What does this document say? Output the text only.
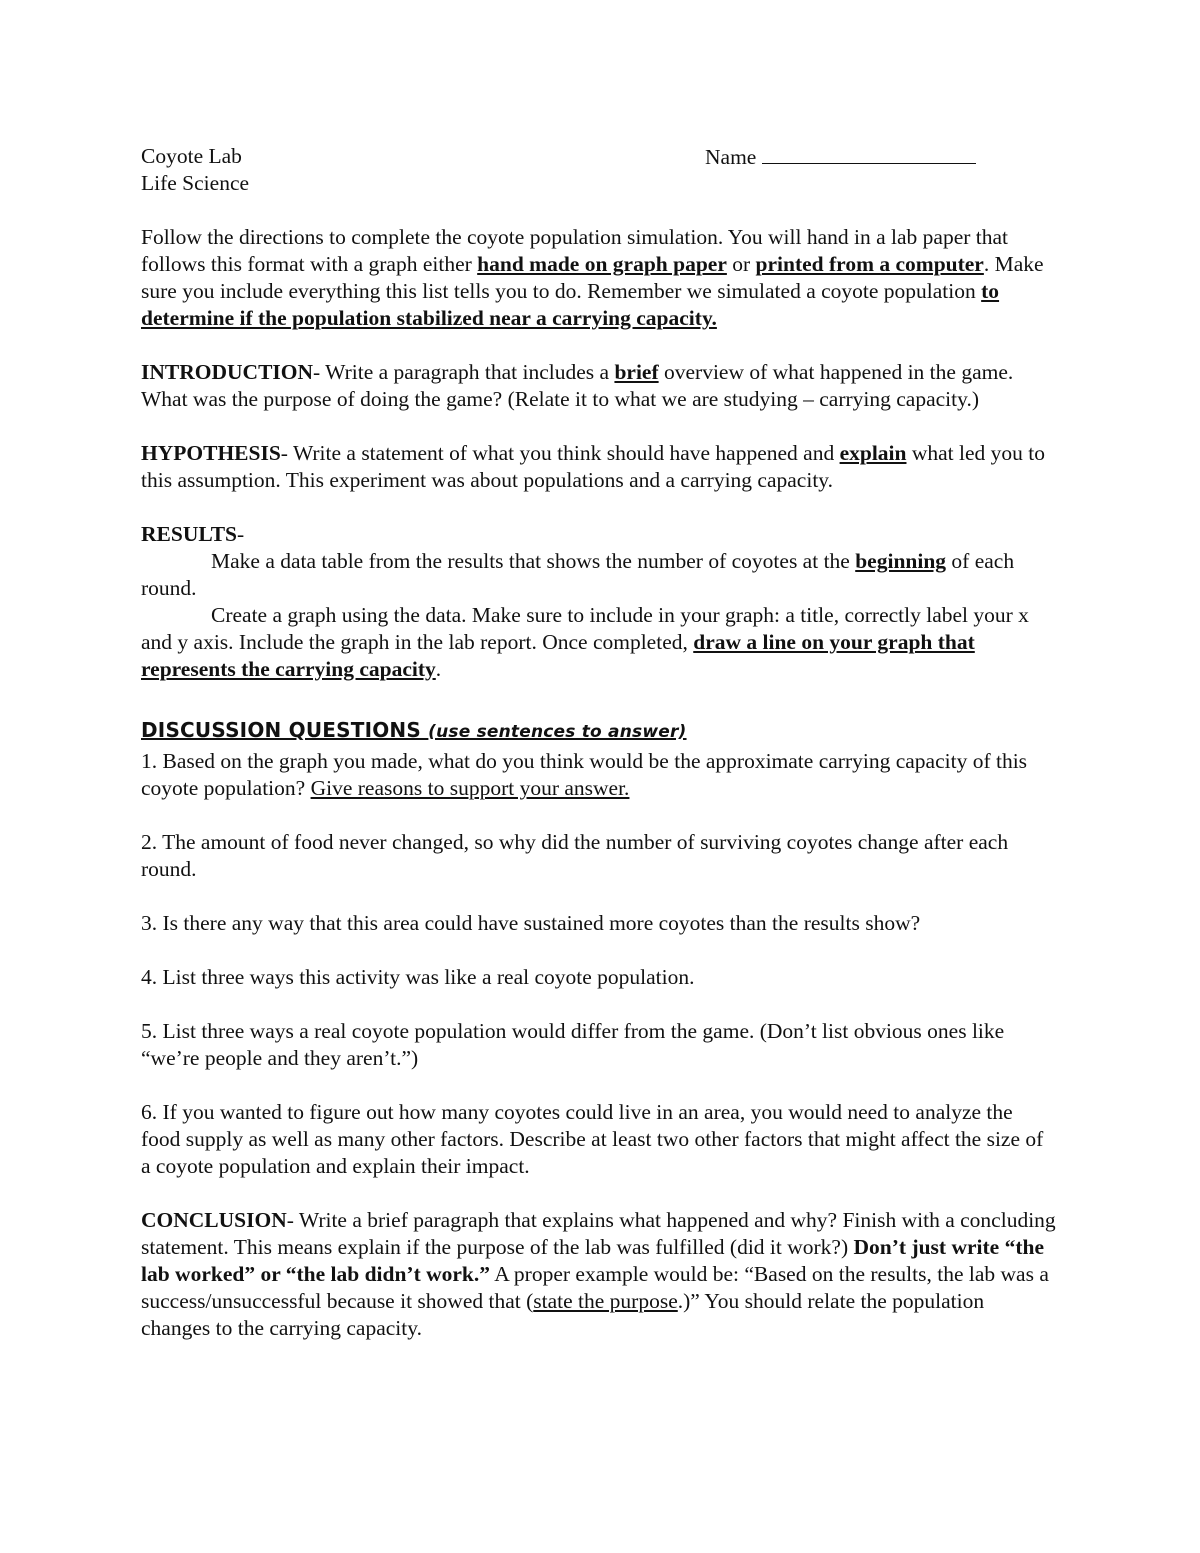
Coyote Lab
Life Science
Name

Follow the directions to complete the coyote population simulation. You will hand in a lab paper that follows this format with a graph either hand made on graph paper or printed from a computer. Make sure you include everything this list tells you to do. Remember we simulated a coyote population to determine if the population stabilized near a carrying capacity.

INTRODUCTION- Write a paragraph that includes a brief overview of what happened in the game. What was the purpose of doing the game? (Relate it to what we are studying – carrying capacity.)

HYPOTHESIS- Write a statement of what you think should have happened and explain what led you to this assumption. This experiment was about populations and a carrying capacity.

RESULTS-

Make a data table from the results that shows the number of coyotes at the beginning of each round.

Create a graph using the data. Make sure to include in your graph: a title, correctly label your x and y axis. Include the graph in the lab report. Once completed, draw a line on your graph that represents the carrying capacity.

DISCUSSION QUESTIONS (use sentences to answer)

1. Based on the graph you made, what do you think would be the approximate carrying capacity of this coyote population? Give reasons to support your answer.

2. The amount of food never changed, so why did the number of surviving coyotes change after each round.

3. Is there any way that this area could have sustained more coyotes than the results show?

4. List three ways this activity was like a real coyote population.

5. List three ways a real coyote population would differ from the game. (Don’t list obvious ones like “we’re people and they aren’t.”)

6. If you wanted to figure out how many coyotes could live in an area, you would need to analyze the food supply as well as many other factors. Describe at least two other factors that might affect the size of a coyote population and explain their impact.

CONCLUSION- Write a brief paragraph that explains what happened and why? Finish with a concluding statement. This means explain if the purpose of the lab was fulfilled (did it work?) Don’t just write “the lab worked” or “the lab didn’t work.” A proper example would be: “Based on the results, the lab was a success/unsuccessful because it showed that (state the purpose.)” You should relate the population changes to the carrying capacity.
